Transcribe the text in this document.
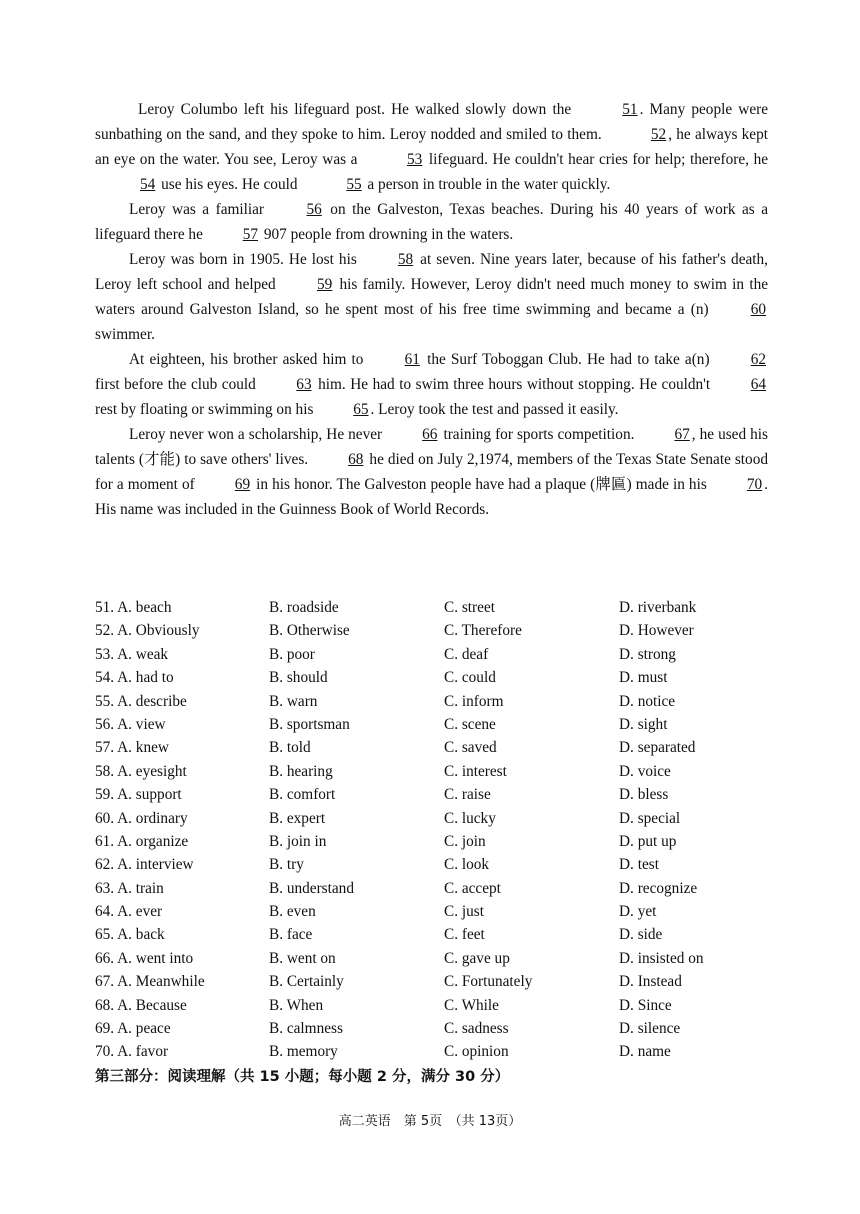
Leroy Columbo left his lifeguard post. He walked slowly down the	51 . Many people were sunbathing on the sand, and they spoke to him. Leroy nodded and smiled to them.	52 , he always kept an eye on the water. You see, Leroy was a	53 lifeguard. He couldn't hear cries for help; therefore, he 54 use his eyes. He could	55 a person in trouble in the water quickly.

Leroy was a familiar 56 on the Galveston, Texas beaches. During his 40 years of work as a lifeguard there he 57 907 people from drowning in the waters.

Leroy was born in 1905. He lost his 58 at seven. Nine years later, because of his father's death, Leroy left school and helped 59 his family. However, Leroy didn't need much money to swim in the waters around Galveston Island, so he spent most of his free time swimming and became a (n) 60 swimmer.

At eighteen, his brother asked him to 61 the Surf Toboggan Club. He had to take a(n) 62 first before the club could 63 him. He had to swim three hours without stopping. He couldn't 64 rest by floating or swimming on his 65 . Leroy took the test and passed it easily.

Leroy never won a scholarship, He never 66 training for sports competition. 67 , he used his talents (才能) to save others' lives. 68 he died on July 2,1974, members of the Texas State Senate stood for a moment of 69 in his honor. The Galveston people have had a plaque (牌匾) made in his 70 . His name was included in the Guinness Book of World Records.

51. A. beach	B. roadside	C. street	D. riverbank
52. A. Obviously	B. Otherwise	C. Therefore	D. However
53. A. weak	B. poor	C. deaf	D. strong
54. A. had to	B. should	C. could	D. must
55. A. describe	B. warn	C. inform	D. notice
56. A. view	B. sportsman	C. scene	D. sight
57. A. knew	B. told	C. saved	D. separated
58. A. eyesight	B. hearing	C. interest	D. voice
59. A. support	B. comfort	C. raise	D. bless
60. A. ordinary	B. expert	C. lucky	D. special
61. A. organize	B. join in	C. join	D. put up
62. A. interview	B. try	C. look	D. test
63. A. train	B. understand	C. accept	D. recognize
64. A. ever	B. even	C. just	D. yet
65. A. back	B. face	C. feet	D. side
66. A. went into	B. went on	C. gave up	D. insisted on
67. A. Meanwhile	B. Certainly	C. Fortunately	D. Instead
68. A. Because	B. When	C. While	D. Since
69. A. peace	B. calmness	C. sadness	D. silence
70. A. favor	B. memory	C. opinion	D. name
第三部分：阅读理解（共 15 小题；每小题 2 分，满分 30 分）
高二英语　第 5页　（共 13页）
